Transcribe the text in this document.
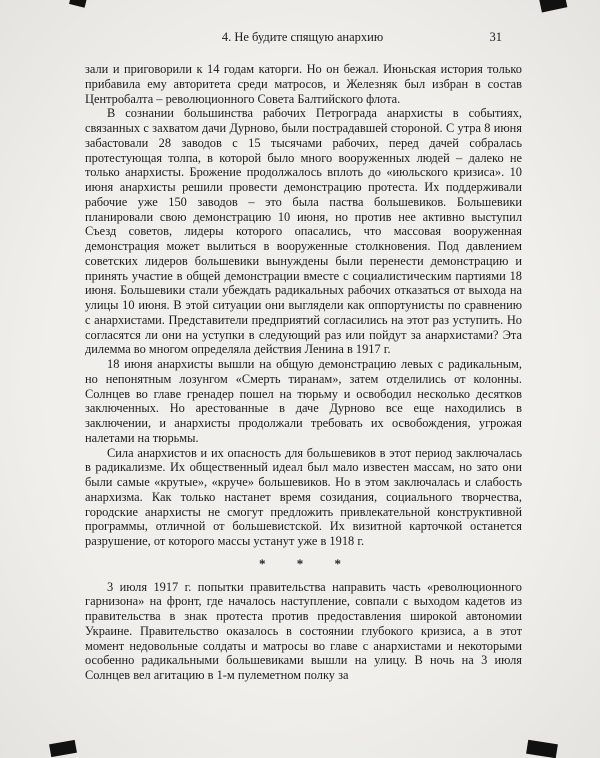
4. Не будите спящую анархию	31

зали и приговорили к 14 годам каторги. Но он бежал. Июньская история только прибавила ему авторитета среди матросов, и Железняк был избран в состав Центробалта – революционного Совета Балтийского флота.

В сознании большинства рабочих Петрограда анархисты в событиях, связанных с захватом дачи Дурново, были пострадавшей стороной. С утра 8 июня забастовали 28 заводов с 15 тысячами рабочих, перед дачей собралась протестующая толпа, в которой было много вооруженных людей – далеко не только анархисты. Брожение продолжалось вплоть до «июльского кризиса». 10 июня анархисты решили провести демонстрацию протеста. Их поддерживали рабочие уже 150 заводов – это была паства большевиков. Большевики планировали свою демонстрацию 10 июня, но против нее активно выступил Съезд советов, лидеры которого опасались, что массовая вооруженная демонстрация может вылиться в вооруженные столкновения. Под давлением советских лидеров большевики вынуждены были перенести демонстрацию и принять участие в общей демонстрации вместе с социалистическим партиями 18 июня. Большевики стали убеждать радикальных рабочих отказаться от выхода на улицы 10 июня. В этой ситуации они выглядели как оппортунисты по сравнению с анархистами. Представители предприятий согласились на этот раз уступить. Но согласятся ли они на уступки в следующий раз или пойдут за анархистами? Эта дилемма во многом определяла действия Ленина в 1917 г.

18 июня анархисты вышли на общую демонстрацию левых с радикальным, но непонятным лозунгом «Смерть тиранам», затем отделились от колонны. Солнцев во главе гренадер пошел на тюрьму и освободил несколько десятков заключенных. Но арестованные в даче Дурново все еще находились в заключении, и анархисты продолжали требовать их освобождения, угрожая налетами на тюрьмы.

Сила анархистов и их опасность для большевиков в этот период заключалась в радикализме. Их общественный идеал был мало известен массам, но зато они были самые «крутые», «круче» большевиков. Но в этом заключалась и слабость анархизма. Как только настанет время созидания, социального творчества, городские анархисты не смогут предложить привлекательной конструктивной программы, отличной от большевистской. Их визитной карточкой останется разрушение, от которого массы устанут уже в 1918 г.

* * *

3 июля 1917 г. попытки правительства направить часть «революционного гарнизона» на фронт, где началось наступление, совпали с выходом кадетов из правительства в знак протеста против предоставления широкой автономии Украине. Правительство оказалось в состоянии глубокого кризиса, а в этот момент недовольные солдаты и матросы во главе с анархистами и некоторыми особенно радикальными большевиками вышли на улицу. В ночь на 3 июля Солнцев вел агитацию в 1-м пулеметном полку за
